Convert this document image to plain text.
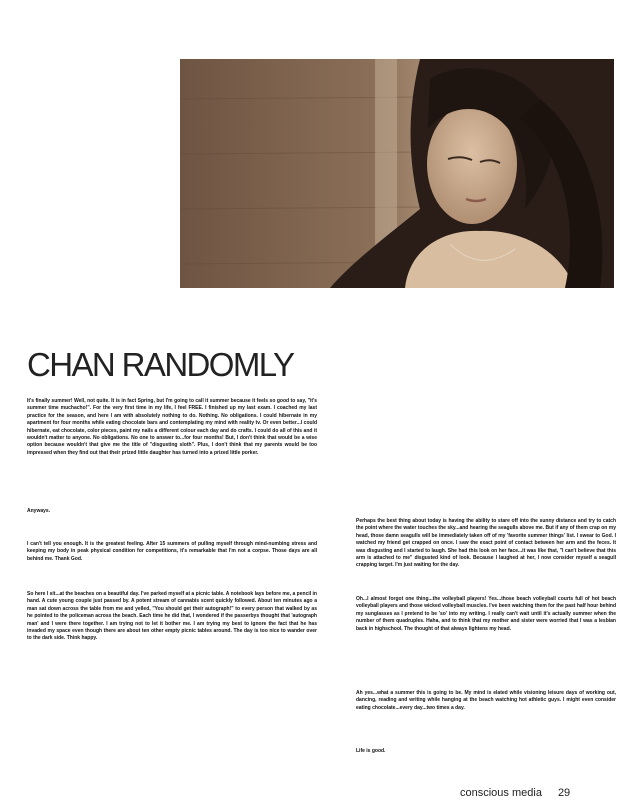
CHAN RANDOMLY

It's finally summer! Well, not quite. It is in fact Spring, but I'm going to call it summer because it feels so good to say, "it's summer time muchacho!". For the very first time in my life, I feel FREE. I finished up my last exam. I coached my last practice for the season, and here I am with absolutely nothing to do. Nothing. No obligations. I could hibernate in my apartment for four months while eating chocolate bars and contemplating my mind with reality tv. Or even better...I could hibernate, eat chocolate, color pieces, paint my nails a different colour each day and do crafts. I could do all of this and it wouldn't matter to anyone. No obligations. No one to answer to...for four months! But, I don't think that would be a wise option because wouldn't that give me the title of "disgusting sloth". Plus, I don't think that my parents would be too impressed when they find out that their prized little daughter has turned into a prized little porker.

Anyways.

I can't tell you enough. It is the greatest feeling. After 15 summers of pulling myself through mind-numbing stress and keeping my body in peak physical condition for competitions, it's remarkable that I'm not a corpse. Those days are all behind me. Thank God.

So here I sit...at the beaches on a beautiful day. I've parked myself at a picnic table. A notebook lays before me, a pencil in hand. A cute young couple just passed by. A potent stream of cannabis scent quickly followed. About ten minutes ago a man sat down across the table from me and yelled, "You should get their autograph!" to every person that walked by as he pointed to the policeman across the beach. Each time he did that, I wondered if the passerbys thought that 'autograph man' and I were there together. I am trying not to let it bother me. I am trying my best to ignore the fact that he has invaded my space even though there are about ten other empty picnic tables around. The day is too nice to wander over to the dark side. Think happy.

Perhaps the best thing about today is having the ability to stare off into the sunny distance and try to catch the point where the water touches the sky...and hearing the seagulls above me. But if any of them crap on my head, those damn seagulls will be immediately taken off of my 'favorite summer things' list. I swear to God. I watched my friend get crapped on once. I saw the exact point of contact between her arm and the feces. It was disgusting and I started to laugh. She had this look on her face...it was like that, "I can't believe that this arm is attached to me" disgusted kind of look. Because I laughed at her, I now consider myself a seagull crapping target. I'm just waiting for the day.

Oh...I almost forgot one thing...the volleyball players! Yes...those beach volleyball courts full of hot beach volleyball players and those wicked volleyball muscles. I've been watching them for the past half hour behind my sunglasses as I pretend to be 'so' into my writing. I really can't wait until it's actually summer when the number of them quadruples. Haha, and to think that my mother and sister were worried that I was a lesbian back in highschool. The thought of that always lightens my head.

Ah yes...what a summer this is going to be. My mind is elated while visioning leisure days of working out, dancing, reading and writing while hanging at the beach watching hot athletic guys. I might even consider eating chocolate...every day...two times a day.

Life is good.

conscious media 29
